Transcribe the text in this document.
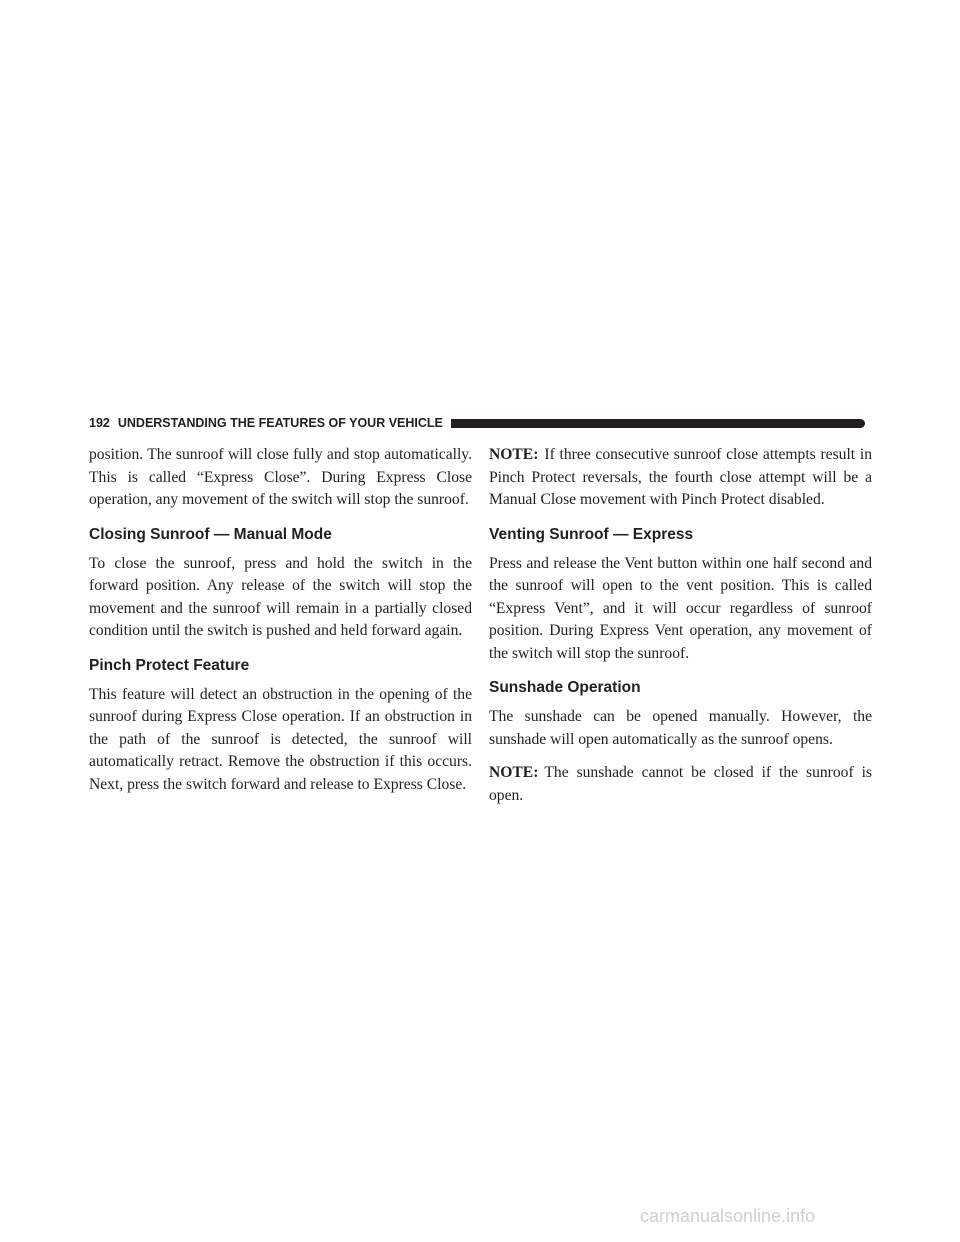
192 UNDERSTANDING THE FEATURES OF YOUR VEHICLE

position. The sunroof will close fully and stop automatically. This is called “Express Close”. During Express Close operation, any movement of the switch will stop the sunroof.

Closing Sunroof — Manual Mode

To close the sunroof, press and hold the switch in the forward position. Any release of the switch will stop the movement and the sunroof will remain in a partially closed condition until the switch is pushed and held forward again.

Pinch Protect Feature

This feature will detect an obstruction in the opening of the sunroof during Express Close operation. If an obstruction in the path of the sunroof is detected, the sunroof will automatically retract. Remove the obstruction if this occurs. Next, press the switch forward and release to Express Close.

NOTE: If three consecutive sunroof close attempts result in Pinch Protect reversals, the fourth close attempt will be a Manual Close movement with Pinch Protect disabled.

Venting Sunroof — Express

Press and release the Vent button within one half second and the sunroof will open to the vent position. This is called “Express Vent”, and it will occur regardless of sunroof position. During Express Vent operation, any movement of the switch will stop the sunroof.

Sunshade Operation

The sunshade can be opened manually. However, the sunshade will open automatically as the sunroof opens.

NOTE: The sunshade cannot be closed if the sunroof is open.

carmanualsonline.info
